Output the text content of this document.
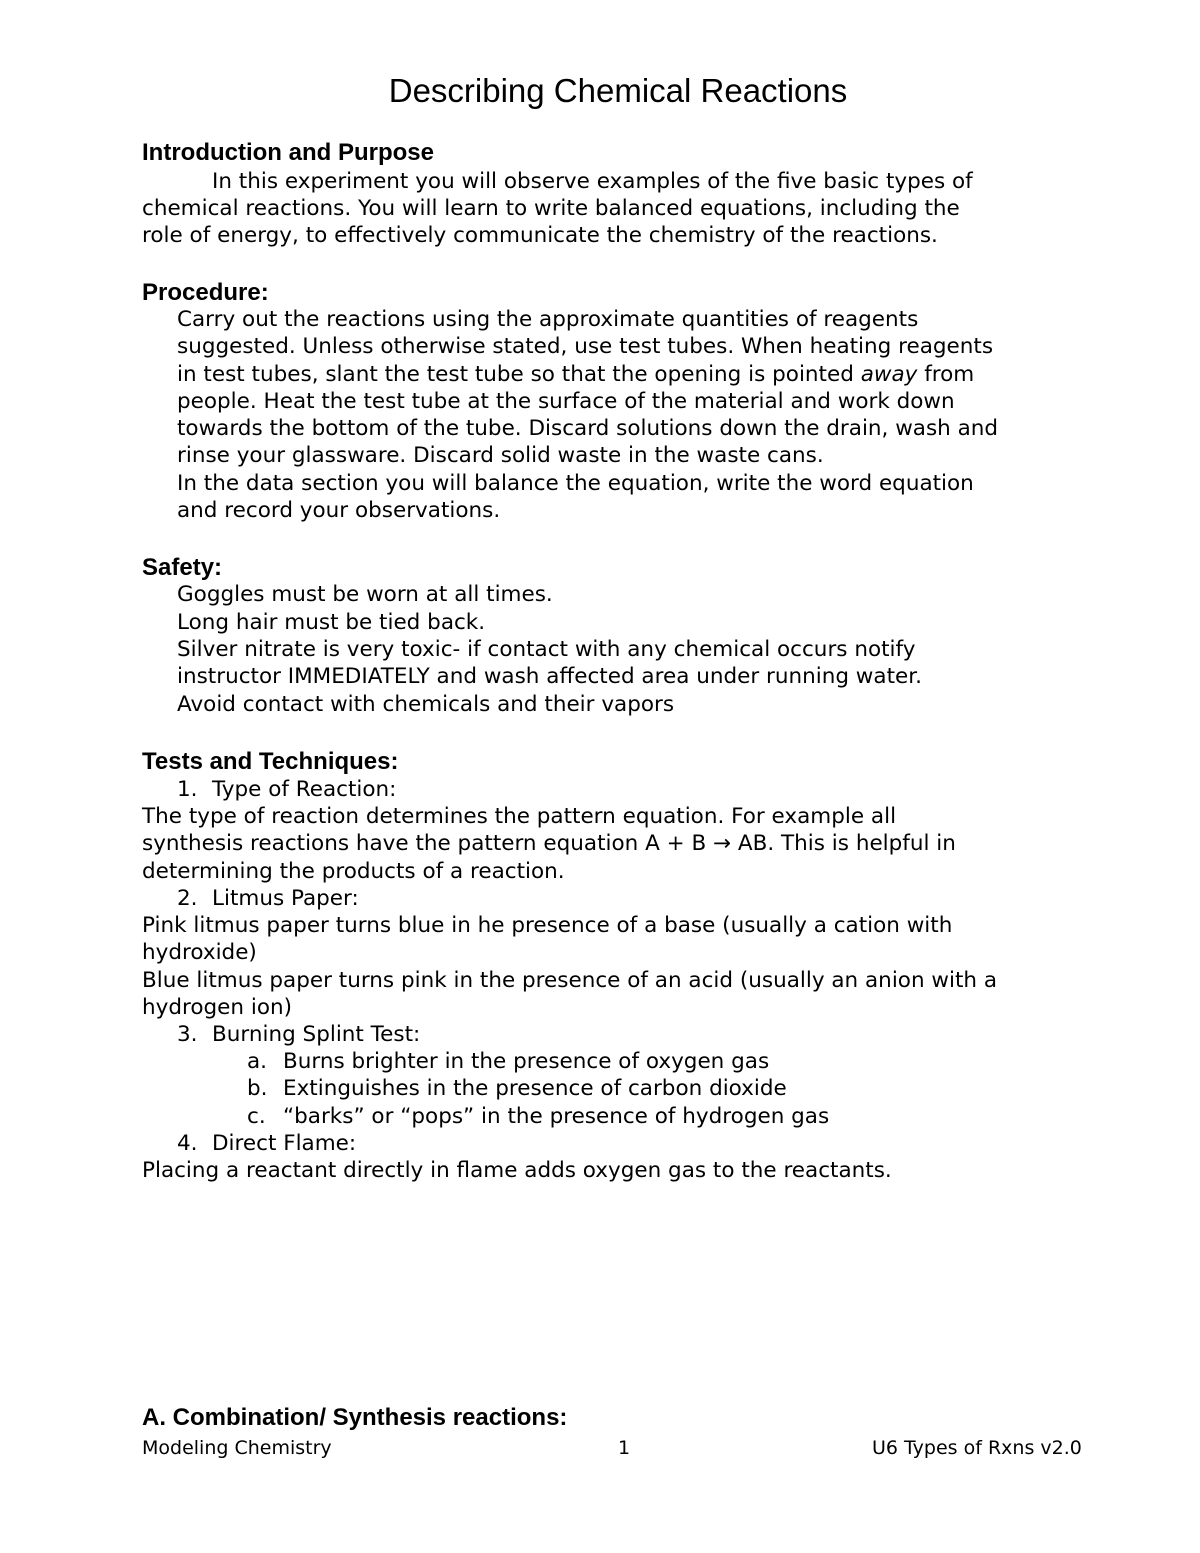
Describing Chemical Reactions
Introduction and Purpose

In this experiment you will observe examples of the five basic types of

chemical reactions. You will learn to write balanced equations, including the

role of energy, to effectively communicate the chemistry of the reactions.

Procedure:

Carry out the reactions using the approximate quantities of reagents

suggested. Unless otherwise stated, use test tubes. When heating reagents

in test tubes, slant the test tube so that the opening is pointed away from

people. Heat the test tube at the surface of the material and work down

towards the bottom of the tube. Discard solutions down the drain, wash and

rinse your glassware. Discard solid waste in the waste cans.

In the data section you will balance the equation, write the word equation

and record your observations.

Safety:

Goggles must be worn at all times.

Long hair must be tied back.

Silver nitrate is very toxic- if contact with any chemical occurs notify

instructor IMMEDIATELY and wash affected area under running water.

Avoid contact with chemicals and their vapors

Tests and Techniques:
1. Type of Reaction:

The type of reaction determines the pattern equation. For example all

synthesis reactions have the pattern equation A + B → AB. This is helpful in

determining the products of a reaction.

2. Litmus Paper:

Pink litmus paper turns blue in he presence of a base (usually a cation with

hydroxide)

Blue litmus paper turns pink in the presence of an acid (usually an anion with a

hydrogen ion)

3. Burning Splint Test:
a. Burns brighter in the presence of oxygen gas
b. Extinguishes in the presence of carbon dioxide
c. “barks” or “pops” in the presence of hydrogen gas
4. Direct Flame:

Placing a reactant directly in flame adds oxygen gas to the reactants.

A. Combination/ Synthesis reactions:
Modeling Chemistry	1	U6 Types of Rxns v2.0
